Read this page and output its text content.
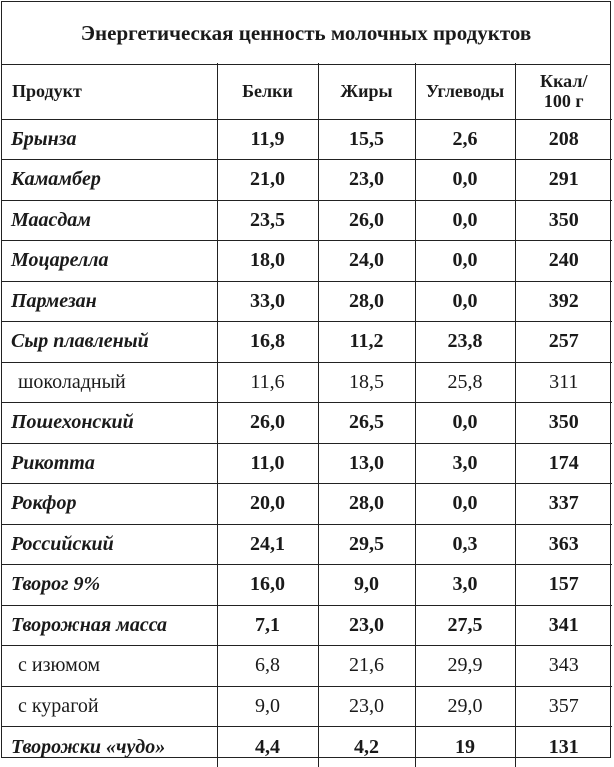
Энергетическая ценность молочных продуктов
Продукт	Белки	Жиры	Углеводы	Ккал/
100 г
Брынза	11,9	15,5	2,6	208
Камамбер	21,0	23,0	0,0	291
Маасдам	23,5	26,0	0,0	350
Моцарелла	18,0	24,0	0,0	240
Пармезан	33,0	28,0	0,0	392
Сыр плавленый	16,8	11,2	23,8	257
шоколадный	11,6	18,5	25,8	311
Пошехонский	26,0	26,5	0,0	350
Рикотта	11,0	13,0	3,0	174
Рокфор	20,0	28,0	0,0	337
Российский	24,1	29,5	0,3	363
Творог 9%	16,0	9,0	3,0	157
Творожная масса	7,1	23,0	27,5	341
с изюмом	6,8	21,6	29,9	343
с курагой	9,0	23,0	29,0	357
Творожки «чудо»	4,4	4,2	19	131
